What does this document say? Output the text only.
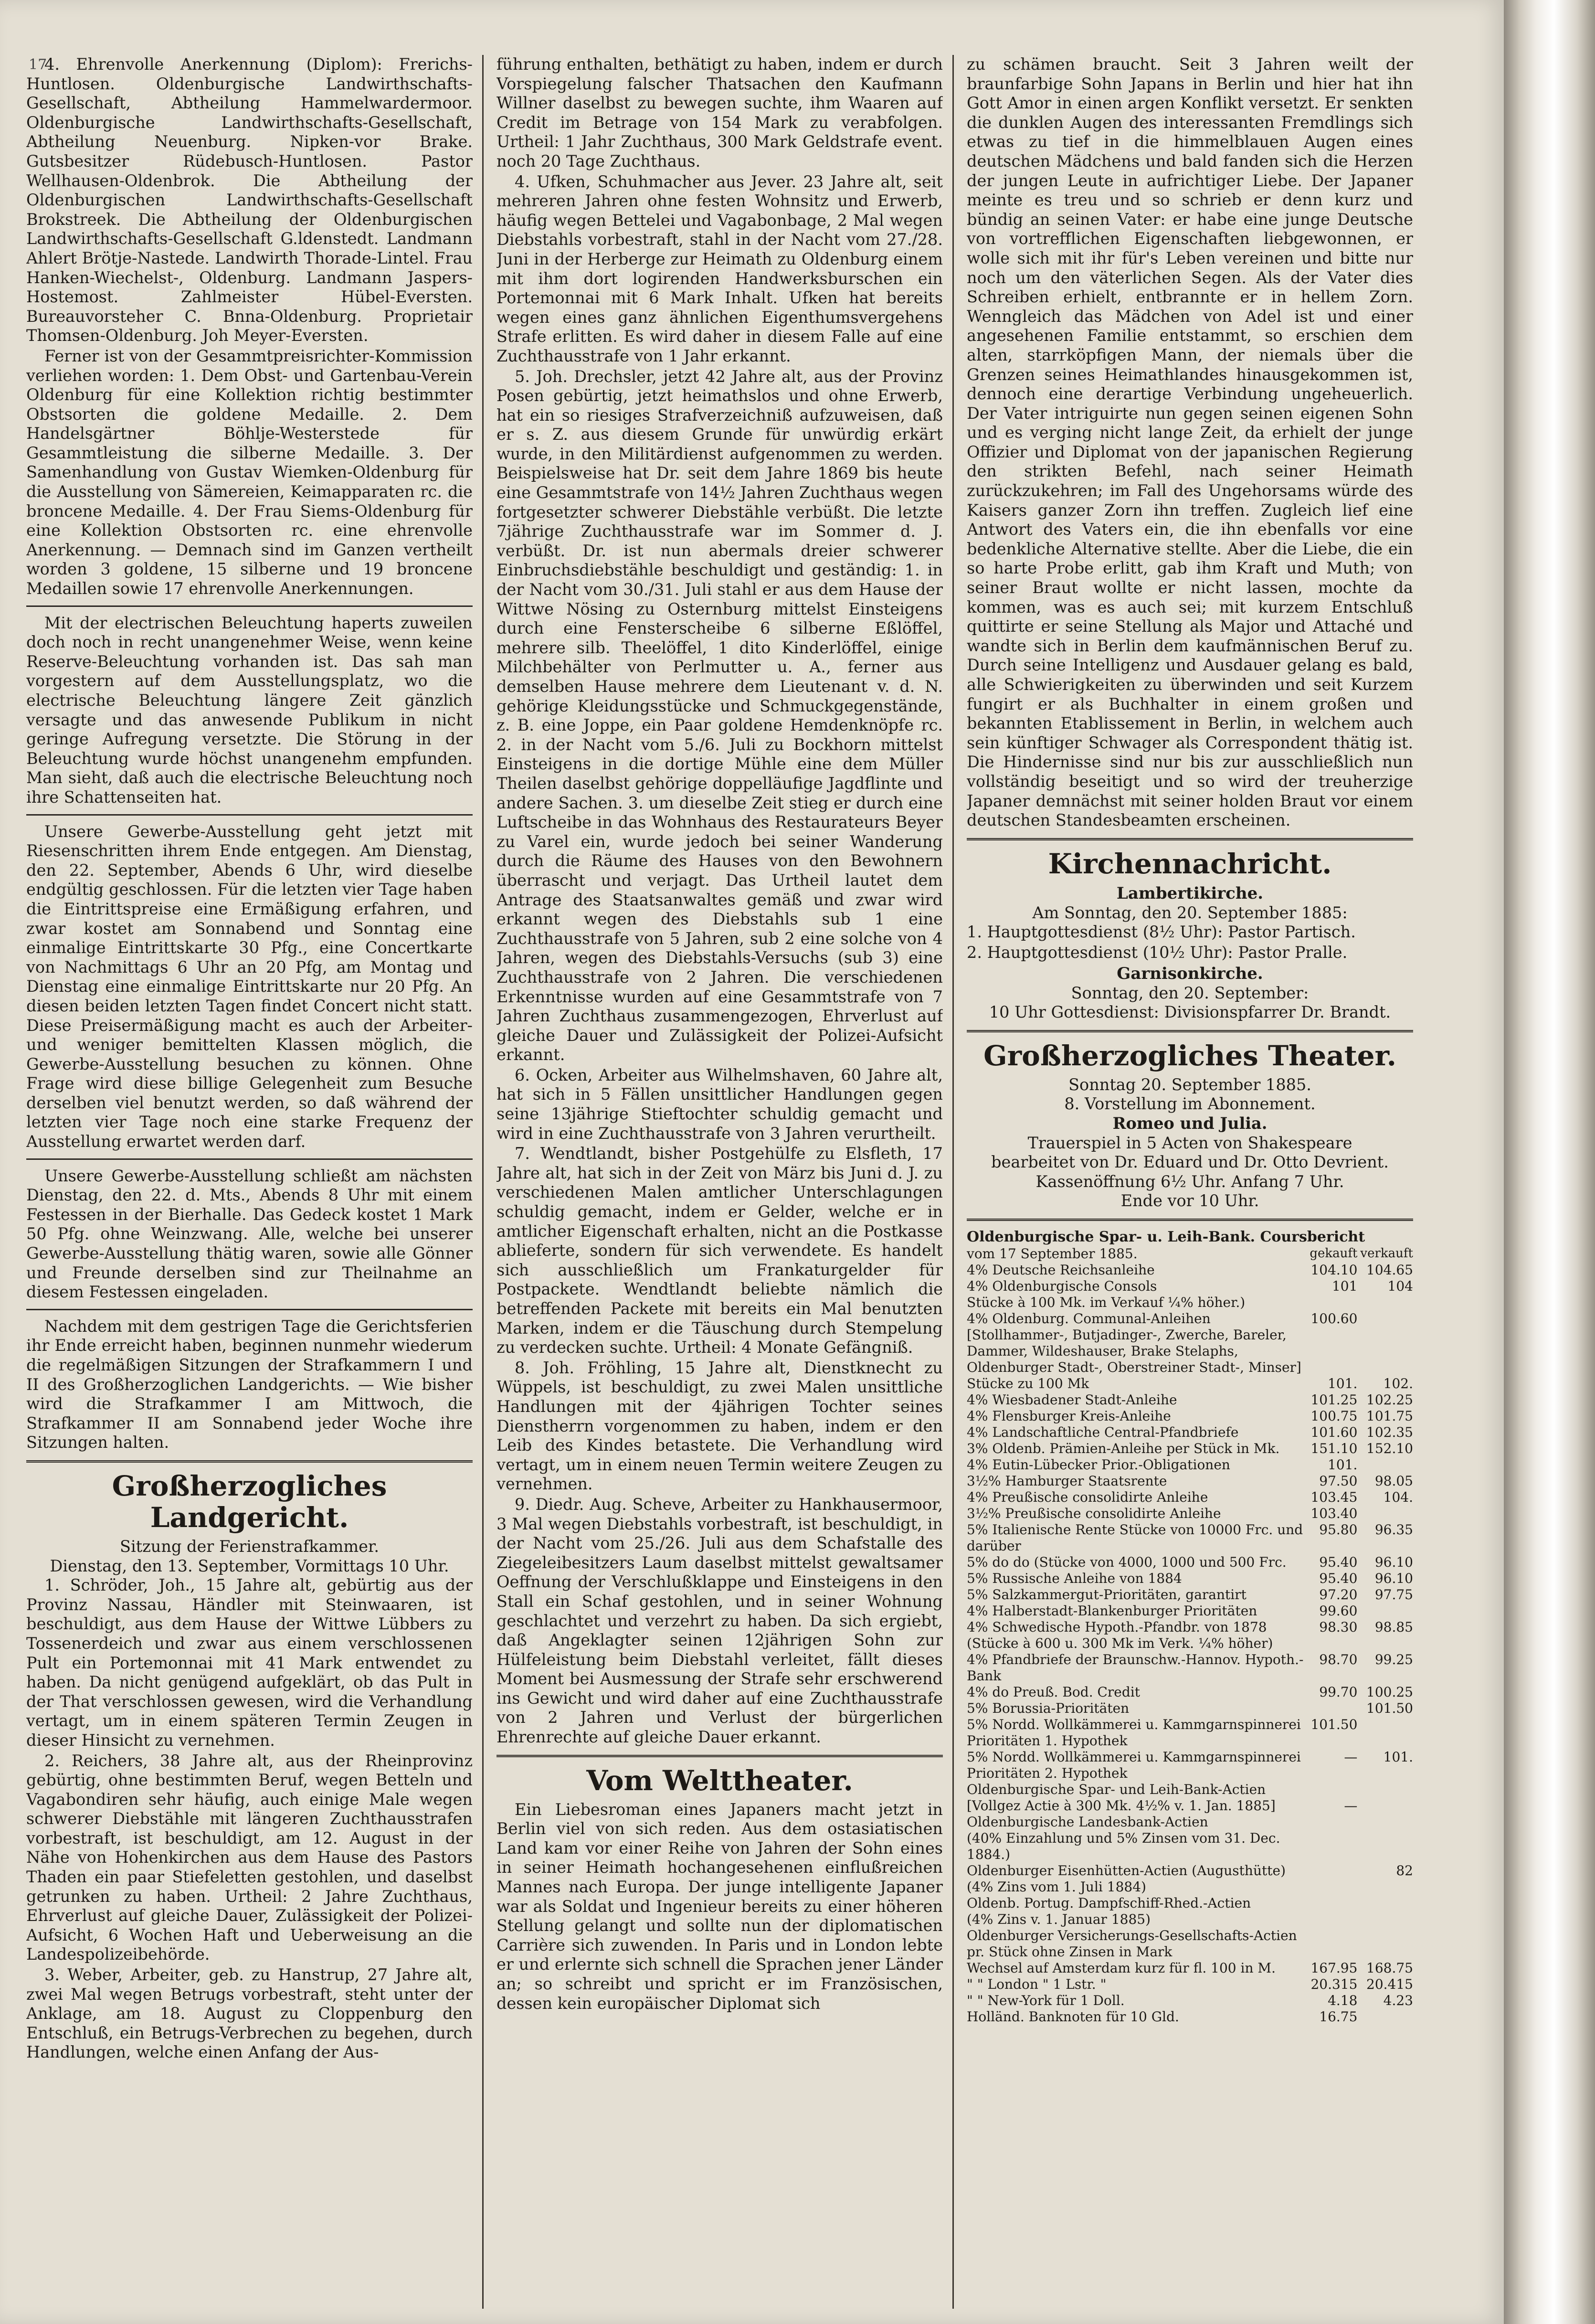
17

4. Ehrenvolle Anerkennung (Diplom): Frerichs-Huntlosen. Oldenburgische Landwirthschafts-Gesellschaft, Abtheilung Hammelwardermoor. Oldenburgische Landwirthschafts-Gesellschaft, Abtheilung Neuenburg. Nipken-vor Brake. Gutsbesitzer Rüdebusch-Huntlosen. Pastor Wellhausen-Oldenbrok. Die Abtheilung der Oldenburgischen Landwirthschafts-Gesellschaft Brokstreek. Die Abtheilung der Oldenburgischen Landwirthschafts-Gesellschaft G.ldenstedt. Landmann Ahlert Brötje-Nastede. Landwirth Thorade-Lintel. Frau Hanken-Wiechelst-, Oldenburg. Landmann Jaspers-Hostemost. Zahlmeister Hübel-Eversten. Bureauvorsteher C. Bnna-Oldenburg. Proprietair Thomsen-Oldenburg. Joh Meyer-Eversten.

Ferner ist von der Gesammtpreisrichter-Kommission verliehen worden: 1. Dem Obst- und Gartenbau-Verein Oldenburg für eine Kollektion richtig bestimmter Obstsorten die goldene Medaille. 2. Dem Handelsgärtner Böhlje-Westerstede für Gesammtleistung die silberne Medaille. 3. Der Samenhandlung von Gustav Wiemken-Oldenburg für die Ausstellung von Sämereien, Keimapparaten rc. die broncene Medaille. 4. Der Frau Siems-Oldenburg für eine Kollektion Obstsorten rc. eine ehrenvolle Anerkennung. — Demnach sind im Ganzen vertheilt worden 3 goldene, 15 silberne und 19 broncene Medaillen sowie 17 ehrenvolle Anerkennungen.

Mit der electrischen Beleuchtung haperts zuweilen doch noch in recht unangenehmer Weise, wenn keine Reserve-Beleuchtung vorhanden ist. Das sah man vorgestern auf dem Ausstellungsplatz, wo die electrische Beleuchtung längere Zeit gänzlich versagte und das anwesende Publikum in nicht geringe Aufregung versetzte. Die Störung in der Beleuchtung wurde höchst unangenehm empfunden. Man sieht, daß auch die electrische Beleuchtung noch ihre Schattenseiten hat.

Unsere Gewerbe-Ausstellung geht jetzt mit Riesenschritten ihrem Ende entgegen. Am Dienstag, den 22. September, Abends 6 Uhr, wird dieselbe endgültig geschlossen. Für die letzten vier Tage haben die Eintrittspreise eine Ermäßigung erfahren, und zwar kostet am Sonnabend und Sonntag eine einmalige Eintrittskarte 30 Pfg., eine Concertkarte von Nachmittags 6 Uhr an 20 Pfg, am Montag und Dienstag eine einmalige Eintrittskarte nur 20 Pfg. An diesen beiden letzten Tagen findet Concert nicht statt. Diese Preisermäßigung macht es auch der Arbeiter- und weniger bemittelten Klassen möglich, die Gewerbe-Ausstellung besuchen zu können. Ohne Frage wird diese billige Gelegenheit zum Besuche derselben viel benutzt werden, so daß während der letzten vier Tage noch eine starke Frequenz der Ausstellung erwartet werden darf.

Unsere Gewerbe-Ausstellung schließt am nächsten Dienstag, den 22. d. Mts., Abends 8 Uhr mit einem Festessen in der Bierhalle. Das Gedeck kostet 1 Mark 50 Pfg. ohne Weinzwang. Alle, welche bei unserer Gewerbe-Ausstellung thätig waren, sowie alle Gönner und Freunde derselben sind zur Theilnahme an diesem Festessen eingeladen.

Nachdem mit dem gestrigen Tage die Gerichtsferien ihr Ende erreicht haben, beginnen nunmehr wiederum die regelmäßigen Sitzungen der Strafkammern I und II des Großherzoglichen Landgerichts. — Wie bisher wird die Strafkammer I am Mittwoch, die Strafkammer II am Sonnabend jeder Woche ihre Sitzungen halten.

Großherzogliches Landgericht.

Sitzung der Ferienstrafkammer.

Dienstag, den 13. September, Vormittags 10 Uhr.

1. Schröder, Joh., 15 Jahre alt, gebürtig aus der Provinz Nassau, Händler mit Steinwaaren, ist beschuldigt, aus dem Hause der Wittwe Lübbers zu Tossenerdeich und zwar aus einem verschlossenen Pult ein Portemonnai mit 41 Mark entwendet zu haben. Da nicht genügend aufgeklärt, ob das Pult in der That verschlossen gewesen, wird die Verhandlung vertagt, um in einem späteren Termin Zeugen in dieser Hinsicht zu vernehmen.

2. Reichers, 38 Jahre alt, aus der Rheinprovinz gebürtig, ohne bestimmten Beruf, wegen Betteln und Vagabondiren sehr häufig, auch einige Male wegen schwerer Diebstähle mit längeren Zuchthausstrafen vorbestraft, ist beschuldigt, am 12. August in der Nähe von Hohenkirchen aus dem Hause des Pastors Thaden ein paar Stiefeletten gestohlen, und daselbst getrunken zu haben. Urtheil: 2 Jahre Zuchthaus, Ehrverlust auf gleiche Dauer, Zulässigkeit der Polizei-Aufsicht, 6 Wochen Haft und Ueberweisung an die Landespolizeibehörde.

3. Weber, Arbeiter, geb. zu Hanstrup, 27 Jahre alt, zwei Mal wegen Betrugs vorbestraft, steht unter der Anklage, am 18. August zu Cloppenburg den Entschluß, ein Betrugs-Verbrechen zu begehen, durch Handlungen, welche einen Anfang der Aus-

führung enthalten, bethätigt zu haben, indem er durch Vorspiegelung falscher Thatsachen den Kaufmann Willner daselbst zu bewegen suchte, ihm Waaren auf Credit im Betrage von 154 Mark zu verabfolgen. Urtheil: 1 Jahr Zuchthaus, 300 Mark Geldstrafe event. noch 20 Tage Zuchthaus.

4. Ufken, Schuhmacher aus Jever. 23 Jahre alt, seit mehreren Jahren ohne festen Wohnsitz und Erwerb, häufig wegen Bettelei und Vagabonbage, 2 Mal wegen Diebstahls vorbestraft, stahl in der Nacht vom 27./28. Juni in der Herberge zur Heimath zu Oldenburg einem mit ihm dort logirenden Handwerksburschen ein Portemonnai mit 6 Mark Inhalt. Ufken hat bereits wegen eines ganz ähnlichen Eigenthumsvergehens Strafe erlitten. Es wird daher in diesem Falle auf eine Zuchthausstrafe von 1 Jahr erkannt.

5. Joh. Drechsler, jetzt 42 Jahre alt, aus der Provinz Posen gebürtig, jetzt heimathslos und ohne Erwerb, hat ein so riesiges Strafverzeichniß aufzuweisen, daß er s. Z. aus diesem Grunde für unwürdig erkärt wurde, in den Militärdienst aufgenommen zu werden. Beispielsweise hat Dr. seit dem Jahre 1869 bis heute eine Gesammtstrafe von 14½ Jahren Zuchthaus wegen fortgesetzter schwerer Diebstähle verbüßt. Die letzte 7jährige Zuchthausstrafe war im Sommer d. J. verbüßt. Dr. ist nun abermals dreier schwerer Einbruchsdiebstähle beschuldigt und geständig: 1. in der Nacht vom 30./31. Juli stahl er aus dem Hause der Wittwe Nösing zu Osternburg mittelst Einsteigens durch eine Fensterscheibe 6 silberne Eßlöffel, mehrere silb. Theelöffel, 1 dito Kinderlöffel, einige Milchbehälter von Perlmutter u. A., ferner aus demselben Hause mehrere dem Lieutenant v. d. N. gehörige Kleidungsstücke und Schmuckgegenstände, z. B. eine Joppe, ein Paar goldene Hemdenknöpfe rc. 2. in der Nacht vom 5./6. Juli zu Bockhorn mittelst Einsteigens in die dortige Mühle eine dem Müller Theilen daselbst gehörige doppelläufige Jagdflinte und andere Sachen. 3. um dieselbe Zeit stieg er durch eine Luftscheibe in das Wohnhaus des Restaurateurs Beyer zu Varel ein, wurde jedoch bei seiner Wanderung durch die Räume des Hauses von den Bewohnern überrascht und verjagt. Das Urtheil lautet dem Antrage des Staatsanwaltes gemäß und zwar wird erkannt wegen des Diebstahls sub 1 eine Zuchthausstrafe von 5 Jahren, sub 2 eine solche von 4 Jahren, wegen des Diebstahls-Versuchs (sub 3) eine Zuchthausstrafe von 2 Jahren. Die verschiedenen Erkenntnisse wurden auf eine Gesammtstrafe von 7 Jahren Zuchthaus zusammengezogen, Ehrverlust auf gleiche Dauer und Zulässigkeit der Polizei-Aufsicht erkannt.

6. Ocken, Arbeiter aus Wilhelmshaven, 60 Jahre alt, hat sich in 5 Fällen unsittlicher Handlungen gegen seine 13jährige Stieftochter schuldig gemacht und wird in eine Zuchthausstrafe von 3 Jahren verurtheilt.

7. Wendtlandt, bisher Postgehülfe zu Elsfleth, 17 Jahre alt, hat sich in der Zeit von März bis Juni d. J. zu verschiedenen Malen amtlicher Unterschlagungen schuldig gemacht, indem er Gelder, welche er in amtlicher Eigenschaft erhalten, nicht an die Postkasse ablieferte, sondern für sich verwendete. Es handelt sich ausschließlich um Frankaturgelder für Postpackete. Wendtlandt beliebte nämlich die betreffenden Packete mit bereits ein Mal benutzten Marken, indem er die Täuschung durch Stempelung zu verdecken suchte. Urtheil: 4 Monate Gefängniß.

8. Joh. Fröhling, 15 Jahre alt, Dienstknecht zu Wüppels, ist beschuldigt, zu zwei Malen unsittliche Handlungen mit der 4jährigen Tochter seines Dienstherrn vorgenommen zu haben, indem er den Leib des Kindes betastete. Die Verhandlung wird vertagt, um in einem neuen Termin weitere Zeugen zu vernehmen.

9. Diedr. Aug. Scheve, Arbeiter zu Hankhausermoor, 3 Mal wegen Diebstahls vorbestraft, ist beschuldigt, in der Nacht vom 25./26. Juli aus dem Schafstalle des Ziegeleibesitzers Laum daselbst mittelst gewaltsamer Oeffnung der Verschlußklappe und Einsteigens in den Stall ein Schaf gestohlen, und in seiner Wohnung geschlachtet und verzehrt zu haben. Da sich ergiebt, daß Angeklagter seinen 12jährigen Sohn zur Hülfeleistung beim Diebstahl verleitet, fällt dieses Moment bei Ausmessung der Strafe sehr erschwerend ins Gewicht und wird daher auf eine Zuchthausstrafe von 2 Jahren und Verlust der bürgerlichen Ehrenrechte auf gleiche Dauer erkannt.

Vom Welttheater.

Ein Liebesroman eines Japaners macht jetzt in Berlin viel von sich reden. Aus dem ostasiatischen Land kam vor einer Reihe von Jahren der Sohn eines in seiner Heimath hochangesehenen einflußreichen Mannes nach Europa. Der junge intelligente Japaner war als Soldat und Ingenieur bereits zu einer höheren Stellung gelangt und sollte nun der diplomatischen Carrière sich zuwenden. In Paris und in London lebte er und erlernte sich schnell die Sprachen jener Länder an; so schreibt und spricht er im Französischen, dessen kein europäischer Diplomat sich

zu schämen braucht. Seit 3 Jahren weilt der braunfarbige Sohn Japans in Berlin und hier hat ihn Gott Amor in einen argen Konflikt versetzt. Er senkten die dunklen Augen des interessanten Fremdlings sich etwas zu tief in die himmelblauen Augen eines deutschen Mädchens und bald fanden sich die Herzen der jungen Leute in aufrichtiger Liebe. Der Japaner meinte es treu und so schrieb er denn kurz und bündig an seinen Vater: er habe eine junge Deutsche von vortrefflichen Eigenschaften liebgewonnen, er wolle sich mit ihr für's Leben vereinen und bitte nur noch um den väterlichen Segen. Als der Vater dies Schreiben erhielt, entbrannte er in hellem Zorn. Wenngleich das Mädchen von Adel ist und einer angesehenen Familie entstammt, so erschien dem alten, starrköpfigen Mann, der niemals über die Grenzen seines Heimathlandes hinausgekommen ist, dennoch eine derartige Verbindung ungeheuerlich. Der Vater intriguirte nun gegen seinen eigenen Sohn und es verging nicht lange Zeit, da erhielt der junge Offizier und Diplomat von der japanischen Regierung den strikten Befehl, nach seiner Heimath zurückzukehren; im Fall des Ungehorsams würde des Kaisers ganzer Zorn ihn treffen. Zugleich lief eine Antwort des Vaters ein, die ihn ebenfalls vor eine bedenkliche Alternative stellte. Aber die Liebe, die ein so harte Probe erlitt, gab ihm Kraft und Muth; von seiner Braut wollte er nicht lassen, mochte da kommen, was es auch sei; mit kurzem Entschluß quittirte er seine Stellung als Major und Attaché und wandte sich in Berlin dem kaufmännischen Beruf zu. Durch seine Intelligenz und Ausdauer gelang es bald, alle Schwierigkeiten zu überwinden und seit Kurzem fungirt er als Buchhalter in einem großen und bekannten Etablissement in Berlin, in welchem auch sein künftiger Schwager als Correspondent thätig ist. Die Hindernisse sind nur bis zur ausschließlich nun vollständig beseitigt und so wird der treuherzige Japaner demnächst mit seiner holden Braut vor einem deutschen Standesbeamten erscheinen.

Kirchennachricht.

Lambertikirche.

Am Sonntag, den 20. September 1885:

1. Hauptgottesdienst (8½ Uhr): Pastor Partisch.

2. Hauptgottesdienst (10½ Uhr): Pastor Pralle.

Garnisonkirche.

Sonntag, den 20. September:

10 Uhr Gottesdienst: Divisionspfarrer Dr. Brandt.

Großherzogliches Theater.

Sonntag 20. September 1885.

8. Vorstellung im Abonnement.

Romeo und Julia.

Trauerspiel in 5 Acten von Shakespeare

bearbeitet von Dr. Eduard und Dr. Otto Devrient.

Kassenöffnung 6½ Uhr. Anfang 7 Uhr.

Ende vor 10 Uhr.

Oldenburgische Spar- u. Leih-Bank. Coursbericht
vom 17 September 1885.	gekauft	verkauft
4% Deutsche Reichsanleihe	104.10	104.65
4% Oldenburgische Consols	101	104
Stücke à 100 Mk. im Verkauf ¼% höher.)		
4% Oldenburg. Communal-Anleihen	100.60	
[Stollhammer-, Butjadinger-, Zwerche, Bareler, Dammer, Wildeshauser, Brake Stelaphs, Oldenburger Stadt-, Oberstreiner Stadt-, Minser]		
Stücke zu 100 Mk	101.	102.
4% Wiesbadener Stadt-Anleihe	101.25	102.25
4% Flensburger Kreis-Anleihe	100.75	101.75
4% Landschaftliche Central-Pfandbriefe	101.60	102.35
3% Oldenb. Prämien-Anleihe per Stück in Mk.	151.10	152.10
4% Eutin-Lübecker Prior.-Obligationen	101.	
3½% Hamburger Staatsrente	97.50	98.05
4% Preußische consolidirte Anleihe	103.45	104.
3½% Preußische consolidirte Anleihe	103.40	
5% Italienische Rente Stücke von 10000 Frc. und darüber	95.80	96.35
5% do do (Stücke von 4000, 1000 und 500 Frc.	95.40	96.10
5% Russische Anleihe von 1884	95.40	96.10
5% Salzkammergut-Prioritäten, garantirt	97.20	97.75
4% Halberstadt-Blankenburger Prioritäten	99.60	
4% Schwedische Hypoth.-Pfandbr. von 1878	98.30	98.85
(Stücke à 600 u. 300 Mk im Verk. ¼% höher)		
4% Pfandbriefe der Braunschw.-Hannov. Hypoth.-Bank	98.70	99.25
4% do Preuß. Bod. Credit	99.70	100.25
5% Borussia-Prioritäten		101.50
5% Nordd. Wollkämmerei u. Kammgarnspinnerei Prioritäten 1. Hypothek	101.50	
5% Nordd. Wollkämmerei u. Kammgarnspinnerei Prioritäten 2. Hypothek	—	101.
Oldenburgische Spar- und Leih-Bank-Actien		
[Vollgez Actie à 300 Mk. 4½% v. 1. Jan. 1885]	—	
Oldenburgische Landesbank-Actien		
(40% Einzahlung und 5% Zinsen vom 31. Dec. 1884.)		
Oldenburger Eisenhütten-Actien (Augusthütte)		82
(4% Zins vom 1. Juli 1884)		
Oldenb. Portug. Dampfschiff-Rhed.-Actien		
(4% Zins v. 1. Januar 1885)		
Oldenburger Versicherungs-Gesellschafts-Actien pr. Stück ohne Zinsen in Mark		
Wechsel auf Amsterdam kurz für fl. 100 in M.	167.95	168.75
" " London " 1 Lstr. "	20.315	20.415
" " New-York für 1 Doll.	4.18	4.23
Holländ. Banknoten für 10 Gld.	16.75	
